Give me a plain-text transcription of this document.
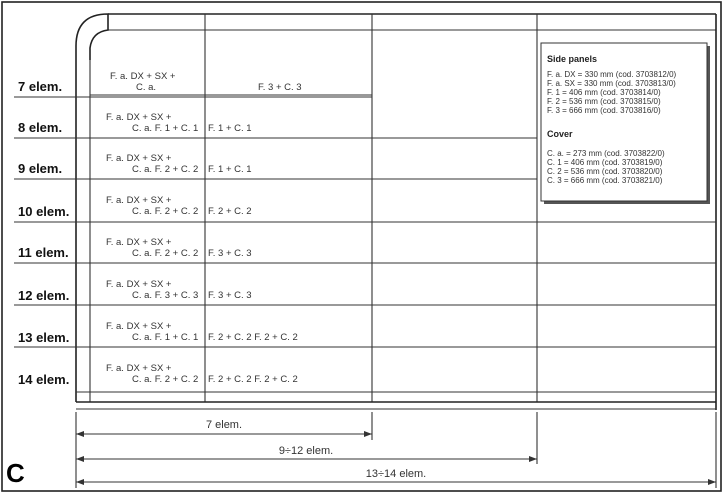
7 elem.
F. a. DX + SX +
C. a.	F. 3 + C. 3
8 elem.
F. a. DX + SX +
C. a. F. 1 + C. 1 F. 1 + C. 1
9 elem.
F. a. DX + SX +
C. a. F. 2 + C. 2 F. 1 + C. 1
10 elem.
F. a. DX + SX +
C. a. F. 2 + C. 2 F. 2 + C. 2
11 elem.
F. a. DX + SX +
C. a. F. 2 + C. 2 F. 3 + C. 3
12 elem.
F. a. DX + SX +
C. a. F. 3 + C. 3 F. 3 + C. 3
13 elem.
F. a. DX + SX +
C. a. F. 1 + C. 1 F. 2 + C. 2 F. 2 + C. 2
14 elem.
F. a. DX + SX +
C. a. F. 2 + C. 2 F. 2 + C. 2 F. 2 + C. 2
Side panels
F. a. DX = 330 mm (cod. 3703812/0)
F. a. SX = 330 mm (cod. 3703813/0)
F. 1 = 406 mm (cod. 3703814/0)
F. 2 = 536 mm (cod. 3703815/0)
F. 3 = 666 mm (cod. 3703816/0)
Cover
C. a. = 273 mm (cod. 3703822/0)
C. 1 = 406 mm (cod. 3703819/0)
C. 2 = 536 mm (cod. 3703820/0)
C. 3 = 666 mm (cod. 3703821/0)
7 elem.
9÷12 elem.
13÷14 elem.
C
